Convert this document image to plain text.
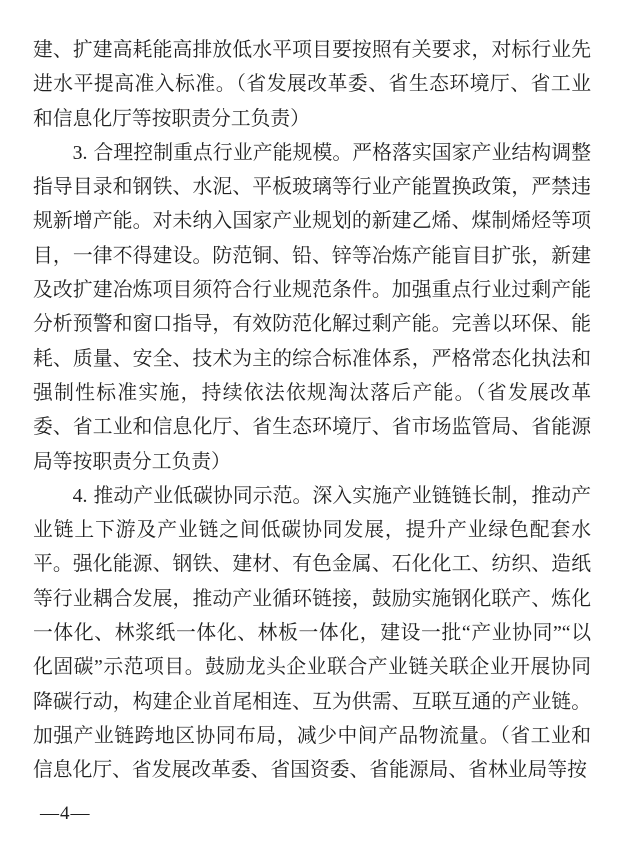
建、扩建高耗能高排放低水平项目要按照有关要求，对标行业先进水平提高准入标准。（省发展改革委、省生态环境厅、省工业和信息化厅等按职责分工负责）

3. 合理控制重点行业产能规模。严格落实国家产业结构调整指导目录和钢铁、水泥、平板玻璃等行业产能置换政策，严禁违规新增产能。对未纳入国家产业规划的新建乙烯、煤制烯烃等项目，一律不得建设。防范铜、铅、锌等冶炼产能盲目扩张，新建及改扩建冶炼项目须符合行业规范条件。加强重点行业过剩产能分析预警和窗口指导，有效防范化解过剩产能。完善以环保、能耗、质量、安全、技术为主的综合标准体系，严格常态化执法和强制性标准实施，持续依法依规淘汰落后产能。（省发展改革委、省工业和信息化厅、省生态环境厅、省市场监管局、省能源局等按职责分工负责）

4. 推动产业低碳协同示范。深入实施产业链链长制，推动产业链上下游及产业链之间低碳协同发展，提升产业绿色配套水平。强化能源、钢铁、建材、有色金属、石化化工、纺织、造纸等行业耦合发展，推动产业循环链接，鼓励实施钢化联产、炼化一体化、林浆纸一体化、林板一体化，建设一批“产业协同”“以化固碳”示范项目。鼓励龙头企业联合产业链关联企业开展协同降碳行动，构建企业首尾相连、互为供需、互联互通的产业链。加强产业链跨地区协同布局，减少中间产品物流量。（省工业和信息化厅、省发展改革委、省国资委、省能源局、省林业局等按

—4—
